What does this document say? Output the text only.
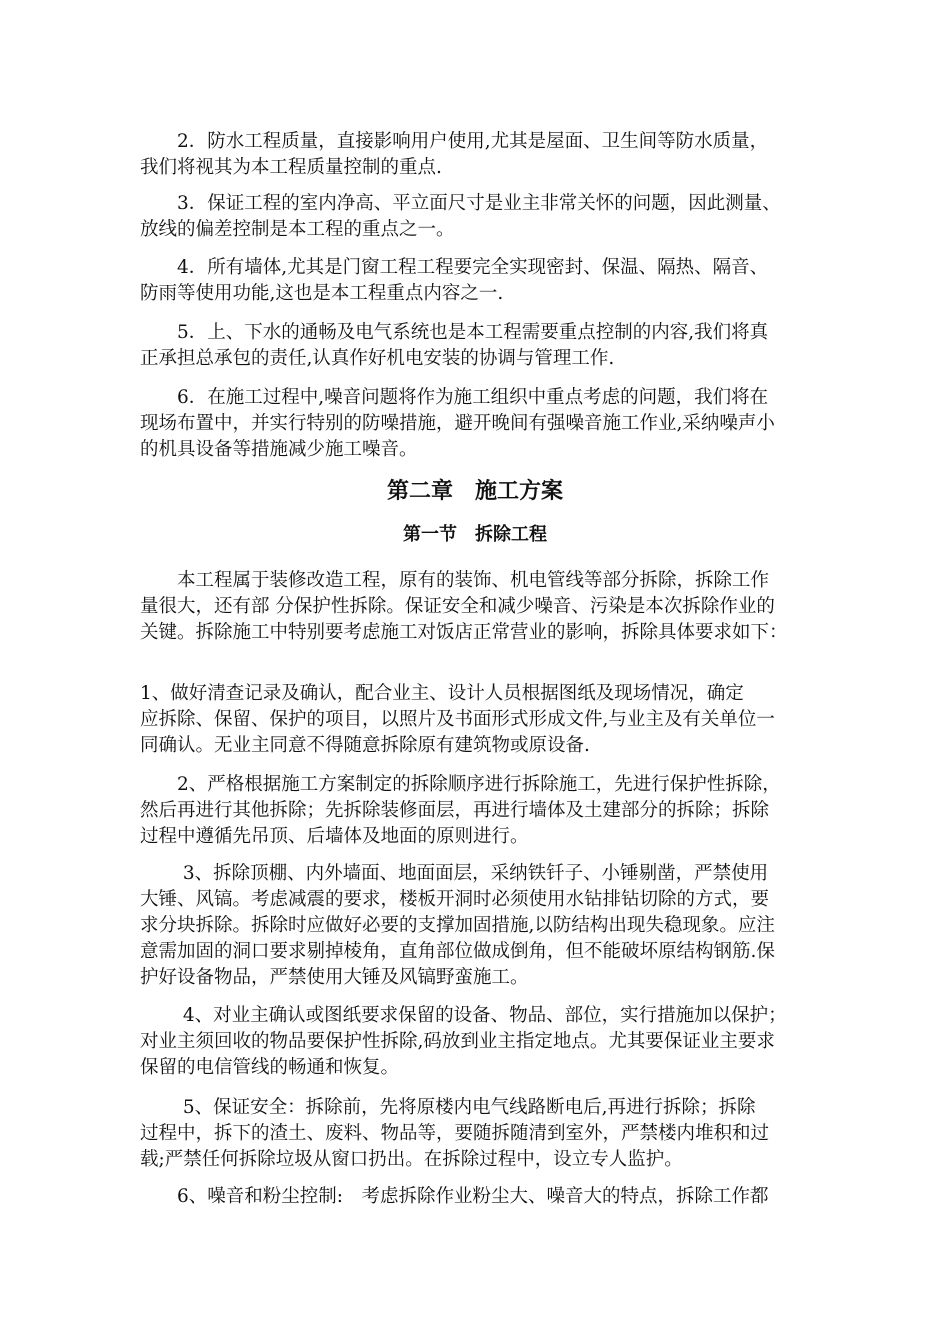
　　2．防水工程质量，直接影响用户使用,尤其是屋面、卫生间等防水质量，
我们将视其为本工程质量控制的重点.
　　3．保证工程的室内净高、平立面尺寸是业主非常关怀的问题，因此测量、
放线的偏差控制是本工程的重点之一。
　　4．所有墙体,尤其是门窗工程工程要完全实现密封、保温、隔热、隔音、
防雨等使用功能,这也是本工程重点内容之一.
　　5．上、下水的通畅及电气系统也是本工程需要重点控制的内容,我们将真
正承担总承包的责任,认真作好机电安装的协调与管理工作.
　　6．在施工过程中,噪音问题将作为施工组织中重点考虑的问题，我们将在
现场布置中，并实行特别的防噪措施，避开晚间有强噪音施工作业,采纳噪声小
的机具设备等措施减少施工噪音。
第二章　施工方案
第一节　拆除工程
　　本工程属于装修改造工程，原有的装饰、机电管线等部分拆除，拆除工作
量很大，还有部 分保护性拆除。保证安全和减少噪音、污染是本次拆除作业的
关键。拆除施工中特别要考虑施工对饭店正常营业的影响，拆除具体要求如下：
1、做好清查记录及确认，配合业主、设计人员根据图纸及现场情况，确定
应拆除、保留、保护的项目，以照片及书面形式形成文件,与业主及有关单位一
同确认。无业主同意不得随意拆除原有建筑物或原设备.
　　2、严格根据施工方案制定的拆除顺序进行拆除施工，先进行保护性拆除，
然后再进行其他拆除；先拆除装修面层，再进行墙体及土建部分的拆除；拆除
过程中遵循先吊顶、后墙体及地面的原则进行。
　　 3、拆除顶棚、内外墙面、地面面层，采纳铁钎子、小锤剔凿，严禁使用
大锤、风镐。考虑减震的要求，楼板开洞时必须使用水钻排钻切除的方式，要
求分块拆除。拆除时应做好必要的支撑加固措施,以防结构出现失稳现象。应注
意需加固的洞口要求剔掉棱角，直角部位做成倒角，但不能破坏原结构钢筋.保
护好设备物品，严禁使用大锤及风镐野蛮施工。
　　 4、对业主确认或图纸要求保留的设备、物品、部位，实行措施加以保护；
对业主须回收的物品要保护性拆除,码放到业主指定地点。尤其要保证业主要求
保留的电信管线的畅通和恢复。
　　 5、保证安全：拆除前，先将原楼内电气线路断电后,再进行拆除；拆除
过程中，拆下的渣土、废料、物品等，要随拆随清到室外，严禁楼内堆积和过
载;严禁任何拆除垃圾从窗口扔出。在拆除过程中，设立专人监护。
　　6、噪音和粉尘控制:　考虑拆除作业粉尘大、噪音大的特点，拆除工作都
